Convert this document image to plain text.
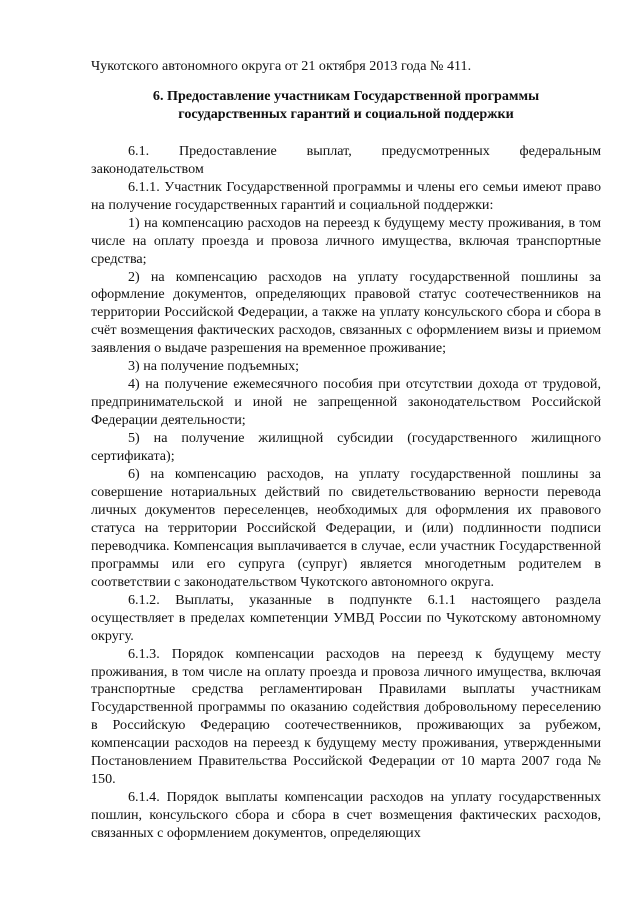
Чукотского автономного округа от 21 октября 2013 года № 411.

6. Предоставление участникам Государственной программы
государственных гарантий и социальной поддержки

6.1. Предоставление выплат, предусмотренных федеральным законодательством

6.1.1. Участник Государственной программы и члены его семьи имеют право на получение государственных гарантий и социальной поддержки:

1) на компенсацию расходов на переезд к будущему месту проживания, в том числе на оплату проезда и провоза личного имущества, включая транспортные средства;

2) на компенсацию расходов на уплату государственной пошлины за оформление документов, определяющих правовой статус соотечественников на территории Российской Федерации, а также на уплату консульского сбора и сбора в счёт возмещения фактических расходов, связанных с оформлением визы и приемом заявления о выдаче разрешения на временное проживание;

3) на получение подъемных;

4) на получение ежемесячного пособия при отсутствии дохода от трудовой, предпринимательской и иной не запрещенной законодательством Российской Федерации деятельности;

5) на получение жилищной субсидии (государственного жилищного сертификата);

6) на компенсацию расходов, на уплату государственной пошлины за совершение нотариальных действий по свидетельствованию верности перевода личных документов переселенцев, необходимых для оформления их правового статуса на территории Российской Федерации, и (или) подлинности подписи переводчика. Компенсация выплачивается в случае, если участник Государственной программы или его супруга (супруг) является многодетным родителем в соответствии с законодательством Чукотского автономного округа.

6.1.2. Выплаты, указанные в подпункте 6.1.1 настоящего раздела осуществляет в пределах компетенции УМВД России по Чукотскому автономному округу.

6.1.3. Порядок компенсации расходов на переезд к будущему месту проживания, в том числе на оплату проезда и провоза личного имущества, включая транспортные средства регламентирован Правилами выплаты участникам Государственной программы по оказанию содействия добровольному переселению в Российскую Федерацию соотечественников, проживающих за рубежом, компенсации расходов на переезд к будущему месту проживания, утвержденными Постановлением Правительства Российской Федерации от 10 марта 2007 года № 150.

6.1.4. Порядок выплаты компенсации расходов на уплату государственных пошлин, консульского сбора и сбора в счет возмещения фактических расходов, связанных с оформлением документов, определяющих
